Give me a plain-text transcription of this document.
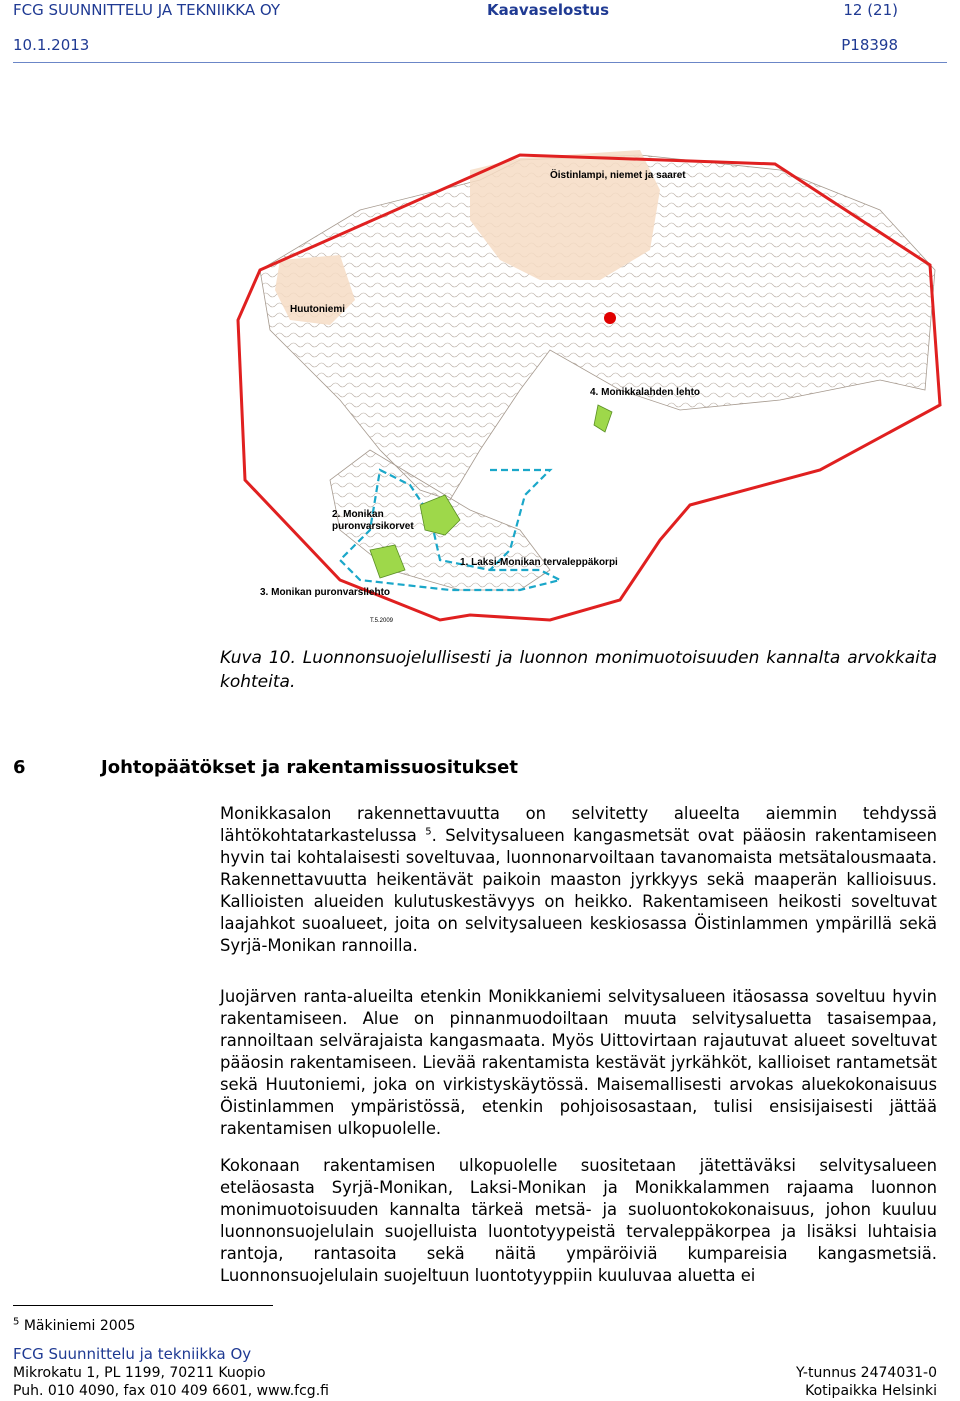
FCG SUUNNITTELU JA TEKNIIKKA OY	Kaavaselostus	12 (21)
10.1.2013	P18398
Öistinlampi, niemet ja saaret
Huutoniemi
4. Monikkalahden lehto
2. Monikan
puronvarsikorvet
1. Laksi-Monikan tervaleppäkorpi
3. Monikan puronvarsilehto
T.5.2009
Kuva 10. Luonnonsuojelullisesti ja luonnon monimuotoisuuden kannalta arvokkaita kohteita.
6	Johtopäätökset ja rakentamissuositukset
Monikkasalon rakennettavuutta on selvitetty alueelta aiemmin tehdyssä lähtökohtatarkastelussa $^5$. Selvitysalueen kangasmetsät ovat pääosin rakentamiseen hyvin tai kohtalaisesti soveltuvaa, luonnonarvoiltaan tavanomaista metsätalousmaata. Rakennettavuutta heikentävät paikoin maaston jyrkkyys sekä maaperän kallioisuus. Kallioisten alueiden kulutuskestävyys on heikko. Rakentamiseen heikosti soveltuvat laajahkot suoalueet, joita on selvitysalueen keskiosassa Öistinlammen ympärillä sekä Syrjä-Monikan rannoilla.
Juojärven ranta-alueilta etenkin Monikkaniemi selvitysalueen itäosassa soveltuu hyvin rakentamiseen. Alue on pinnanmuodoiltaan muuta selvitysaluetta tasaisempaa, rannoiltaan selvärajaista kangasmaata. Myös Uittovirtaan rajautuvat alueet soveltuvat pääosin rakentamiseen. Lievää rakentamista kestävät jyrkähköt, kallioiset rantametsät sekä Huutoniemi, joka on virkistyskäytössä. Maisemallisesti arvokas aluekokonaisuus Öistinlammen ympäristössä, etenkin pohjoisosastaan, tulisi ensisijaisesti jättää rakentamisen ulkopuolelle.
Kokonaan rakentamisen ulkopuolelle suositetaan jätettäväksi selvitysalueen eteläosasta Syrjä-Monikan, Laksi-Monikan ja Monikkalammen rajaama luonnon monimuotoisuuden kannalta tärkeä metsä- ja suoluontokokonaisuus, johon kuuluu luonnonsuojelulain suojelluista luontotyypeistä tervaleppäkorpea ja lisäksi luhtaisia rantoja, rantasoita sekä näitä ympäröiviä kumpareisia kangasmetsiä. Luonnonsuojelulain suojeltuun luontotyyppiin kuuluvaa aluetta ei
$^5$ Mäkiniemi 2005
FCG Suunnittelu ja tekniikka Oy
Mikrokatu 1, PL 1199, 70211 Kuopio
Puh. 010 4090, fax 010 409 6601, www.fcg.fi
Y-tunnus 2474031-0
Kotipaikka Helsinki
